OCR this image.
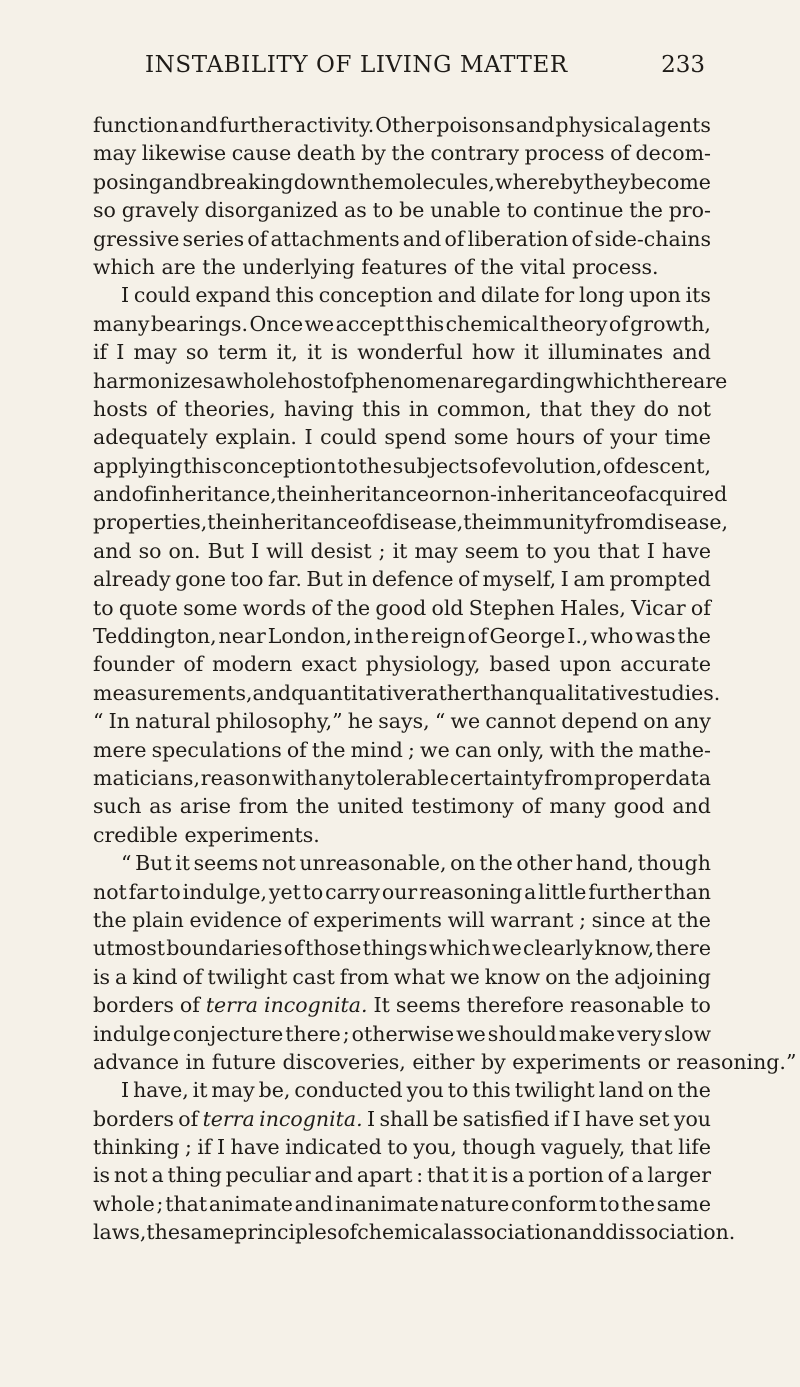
INSTABILITY OF LIVING MATTER	233
function and further activity. Other poisons and physical agents
may likewise cause death by the contrary process of decom-
posing and breaking down the molecules, whereby they become
so gravely disorganized as to be unable to continue the pro-
gressive series of attachments and of liberation of side-chains
which are the underlying features of the vital process.
I could expand this conception and dilate for long upon its
many bearings. Once we accept this chemical theory of growth,
if I may so term it, it is wonderful how it illuminates and
harmonizes a whole host of phenomena regarding which there are
hosts of theories, having this in common, that they do not
adequately explain. I could spend some hours of your time
applying this conception to the subjects of evolution, of descent,
and of inheritance, the inheritance or non-inheritance of acquired
properties, the inheritance of disease, the immunity from disease,
and so on. But I will desist ; it may seem to you that I have
already gone too far. But in defence of myself, I am prompted
to quote some words of the good old Stephen Hales, Vicar of
Teddington, near London, in the reign of George I., who was the
founder of modern exact physiology, based upon accurate
measurements, and quantitative rather than qualitative studies.
“ In natural philosophy,” he says, “ we cannot depend on any
mere speculations of the mind ; we can only, with the mathe-
maticians, reason with any tolerable certainty from proper data
such as arise from the united testimony of many good and
credible experiments.
“ But it seems not unreasonable, on the other hand, though
not far to indulge, yet to carry our reasoning a little further than
the plain evidence of experiments will warrant ; since at the
utmost boundaries of those things which we clearly know, there
is a kind of twilight cast from what we know on the adjoining
borders of terra incognita. It seems therefore reasonable to
indulge conjecture there ; otherwise we should make very slow
advance in future discoveries, either by experiments or reasoning.”
I have, it may be, conducted you to this twilight land on the
borders of terra incognita. I shall be satisfied if I have set you
thinking ; if I have indicated to you, though vaguely, that life
is not a thing peculiar and apart : that it is a portion of a larger
whole ; that animate and inanimate nature conform to the same
laws, the same principles of chemical association and dissociation.
